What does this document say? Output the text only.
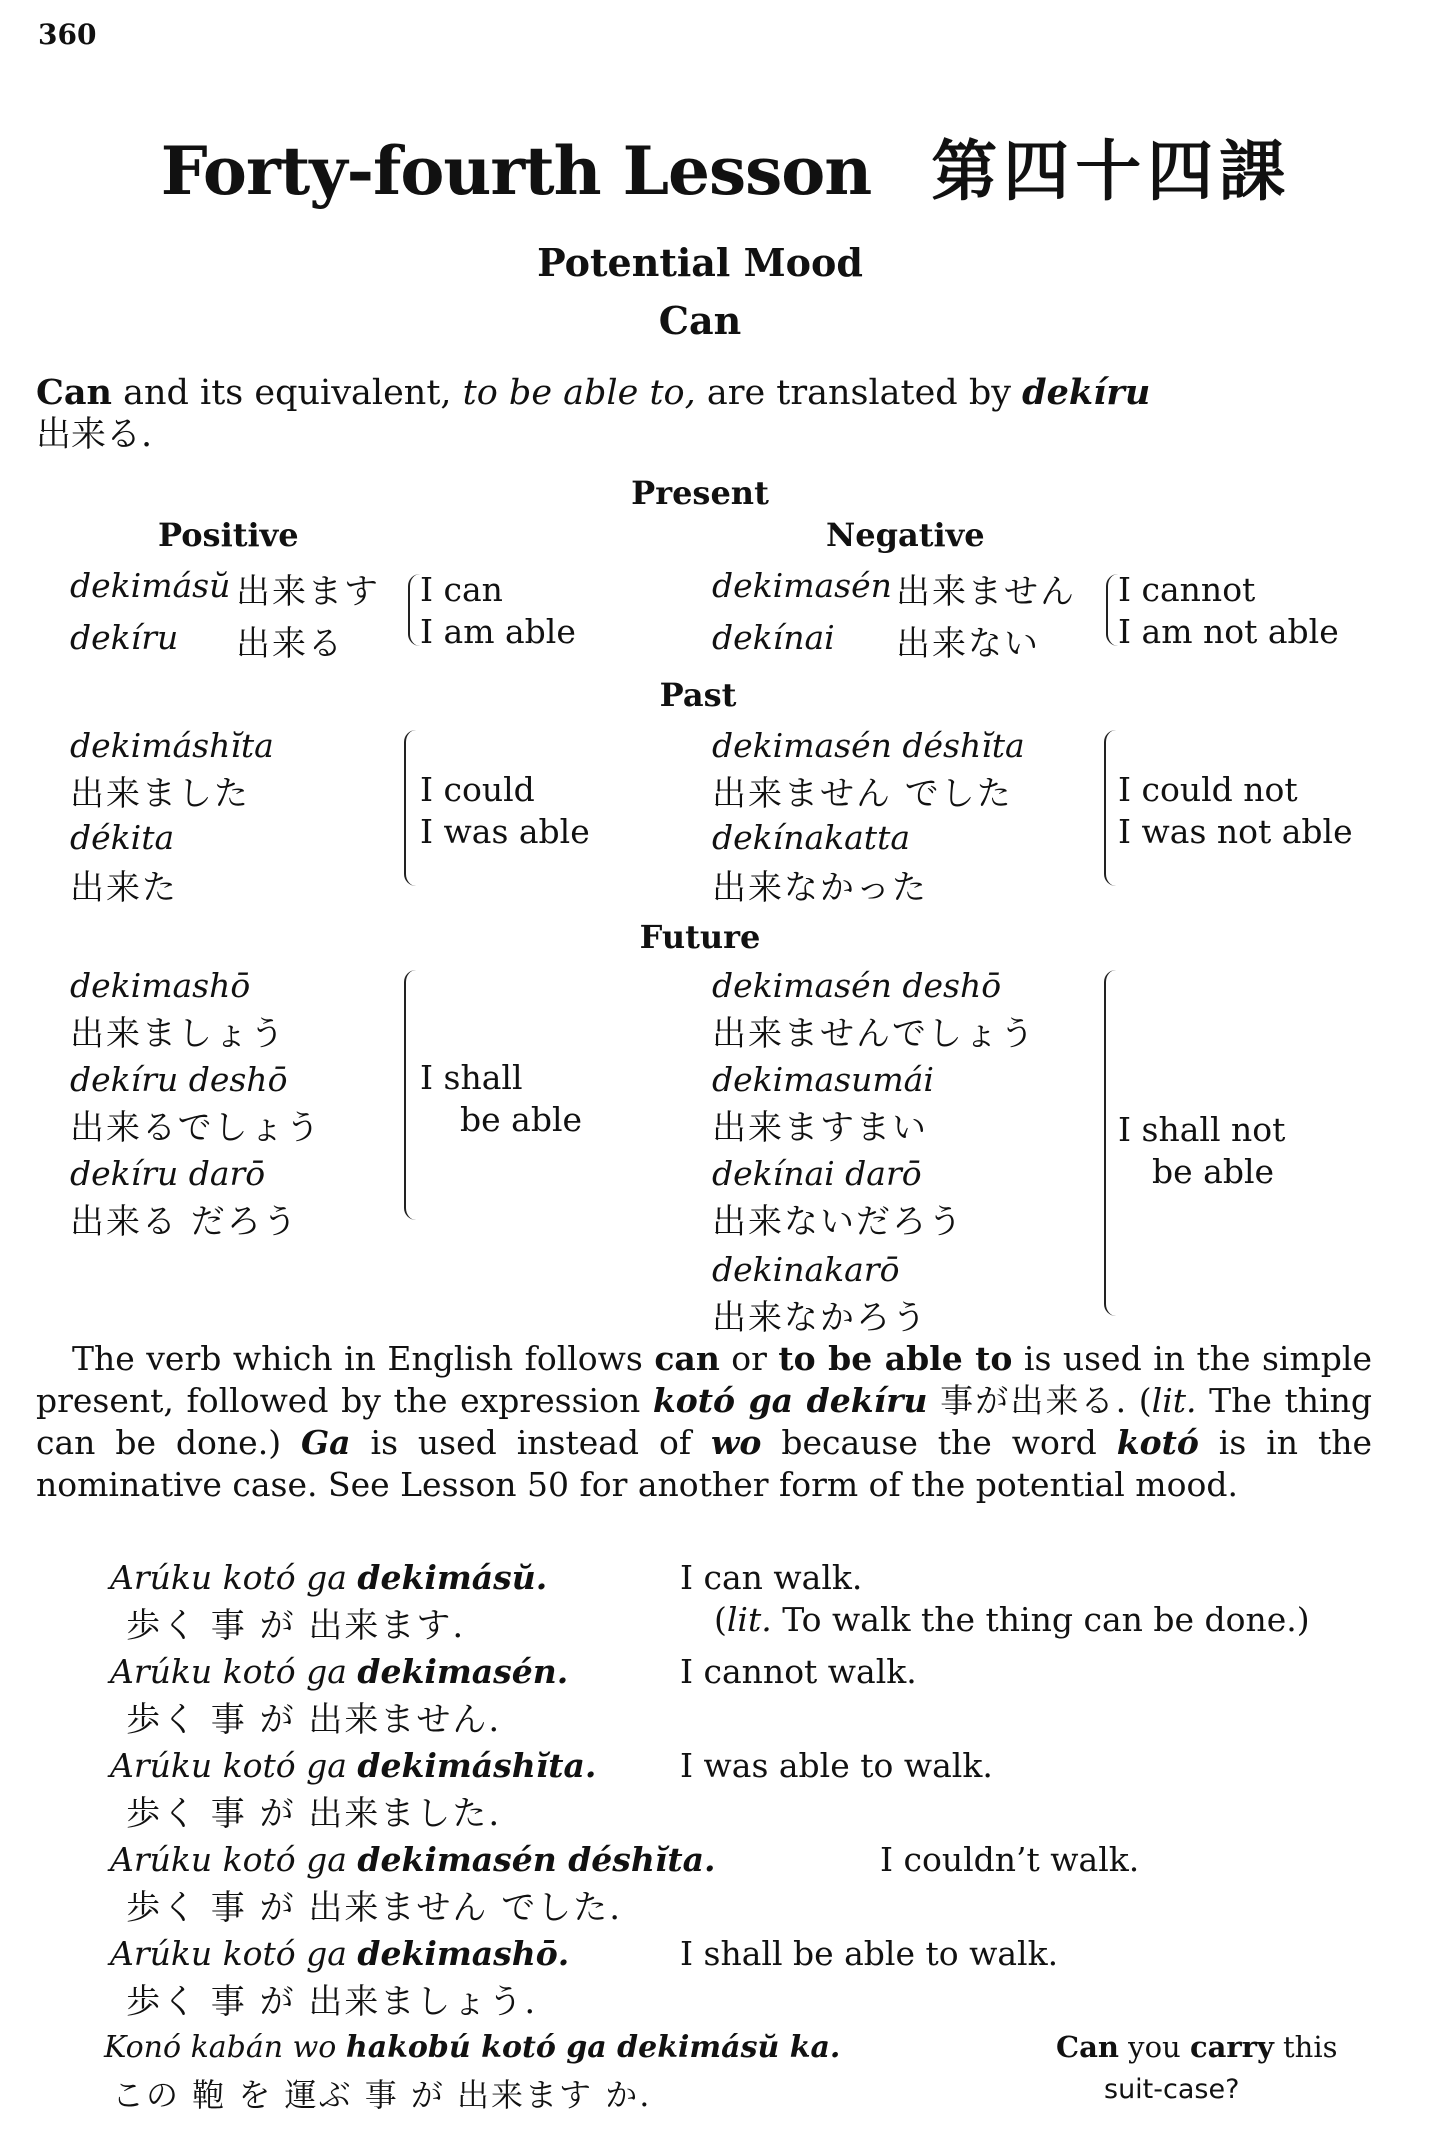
360
Forty-fourth Lesson 第四十四課
Potential Mood
Can
Can and its equivalent, to be able to, are translated by dekíru
出来る.
Present
Positive	Negative
dekimásŭ 出来ます
dekíru 出来る
I can
I am able
dekimasén 出来ません
dekínai 出来ない
I cannot
I am not able
Past
dekimáshĭta
出来ました
dékita
出来た
I could
I was able
dekimasén déshĭta
出来ません でした
dekínakatta
出来なかった
I could not
I was not able
Future
dekimashō
出来ましょう
dekíru deshō
出来るでしょう
dekíru darō
出来る だろう
I shall
be able
dekimasén deshō
出来ませんでしょう
dekimasumái
出来ますまい
dekínai darō
出来ないだろう
dekinakarō
出来なかろう
I shall not
be able
The verb which in English follows can or to be able to is used in the simple present, followed by the expression kotó ga dekíru 事が出来る. (lit. The thing can be done.) Ga is used instead of wo because the word kotó is in the nominative case. See Lesson 50 for another form of the potential mood.
Arúku kotó ga dekimásŭ.
歩く 事 が 出来ます.
I can walk.
(lit. To walk the thing can be done.)
Arúku kotó ga dekimasén.
歩く 事 が 出来ません.
I cannot walk.
Arúku kotó ga dekimáshĭta.
歩く 事 が 出来ました.
I was able to walk.
Arúku kotó ga dekimasén déshĭta.
歩く 事 が 出来ません でした.
I couldn’t walk.
Arúku kotó ga dekimashō.
歩く 事 が 出来ましょう.
I shall be able to walk.
Konó kabán wo hakobú kotó ga dekimásŭ ka.
この 鞄 を 運ぶ 事 が 出来ます か.
Can you carry this
suit-case?
